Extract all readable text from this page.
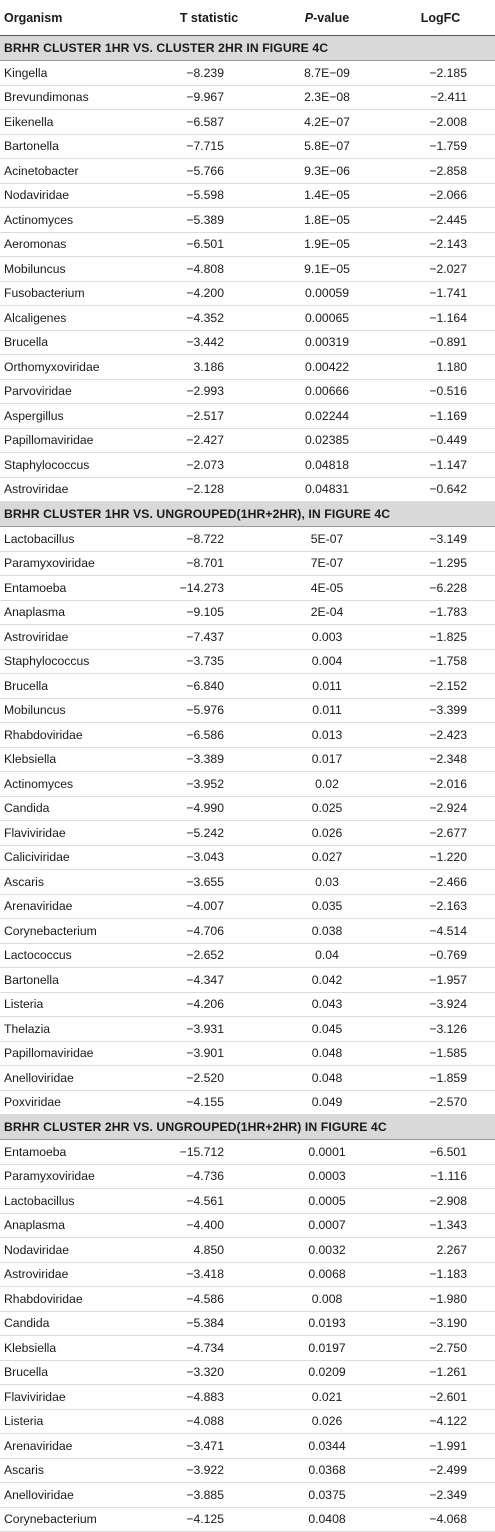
Organism	T statistic	P-value	LogFC
BRHR CLUSTER 1HR VS. CLUSTER 2HR IN FIGURE 4C			
Kingella	−8.239	8.7E−09	−2.185
Brevundimonas	−9.967	2.3E−08	−2.411
Eikenella	−6.587	4.2E−07	−2.008
Bartonella	−7.715	5.8E−07	−1.759
Acinetobacter	−5.766	9.3E−06	−2.858
Nodaviridae	−5.598	1.4E−05	−2.066
Actinomyces	−5.389	1.8E−05	−2.445
Aeromonas	−6.501	1.9E−05	−2.143
Mobiluncus	−4.808	9.1E−05	−2.027
Fusobacterium	−4.200	0.00059	−1.741
Alcaligenes	−4.352	0.00065	−1.164
Brucella	−3.442	0.00319	−0.891
Orthomyxoviridae	3.186	0.00422	1.180
Parvoviridae	−2.993	0.00666	−0.516
Aspergillus	−2.517	0.02244	−1.169
Papillomaviridae	−2.427	0.02385	−0.449
Staphylococcus	−2.073	0.04818	−1.147
Astroviridae	−2.128	0.04831	−0.642
BRHR CLUSTER 1HR VS. UNGROUPED(1HR+2HR), IN FIGURE 4C			
Lactobacillus	−8.722	5E-07	−3.149
Paramyxoviridae	−8.701	7E-07	−1.295
Entamoeba	−14.273	4E-05	−6.228
Anaplasma	−9.105	2E-04	−1.783
Astroviridae	−7.437	0.003	−1.825
Staphylococcus	−3.735	0.004	−1.758
Brucella	−6.840	0.011	−2.152
Mobiluncus	−5.976	0.011	−3.399
Rhabdoviridae	−6.586	0.013	−2.423
Klebsiella	−3.389	0.017	−2.348
Actinomyces	−3.952	0.02	−2.016
Candida	−4.990	0.025	−2.924
Flaviviridae	−5.242	0.026	−2.677
Caliciviridae	−3.043	0.027	−1.220
Ascaris	−3.655	0.03	−2.466
Arenaviridae	−4.007	0.035	−2.163
Corynebacterium	−4.706	0.038	−4.514
Lactococcus	−2.652	0.04	−0.769
Bartonella	−4.347	0.042	−1.957
Listeria	−4.206	0.043	−3.924
Thelazia	−3.931	0.045	−3.126
Papillomaviridae	−3.901	0.048	−1.585
Anelloviridae	−2.520	0.048	−1.859
Poxviridae	−4.155	0.049	−2.570
BRHR CLUSTER 2HR VS. UNGROUPED(1HR+2HR) IN FIGURE 4C			
Entamoeba	−15.712	0.0001	−6.501
Paramyxoviridae	−4.736	0.0003	−1.116
Lactobacillus	−4.561	0.0005	−2.908
Anaplasma	−4.400	0.0007	−1.343
Nodaviridae	4.850	0.0032	2.267
Astroviridae	−3.418	0.0068	−1.183
Rhabdoviridae	−4.586	0.008	−1.980
Candida	−5.384	0.0193	−3.190
Klebsiella	−4.734	0.0197	−2.750
Brucella	−3.320	0.0209	−1.261
Flaviviridae	−4.883	0.021	−2.601
Listeria	−4.088	0.026	−4.122
Arenaviridae	−3.471	0.0344	−1.991
Ascaris	−3.922	0.0368	−2.499
Anelloviridae	−3.885	0.0375	−2.349
Corynebacterium	−4.125	0.0408	−4.068
